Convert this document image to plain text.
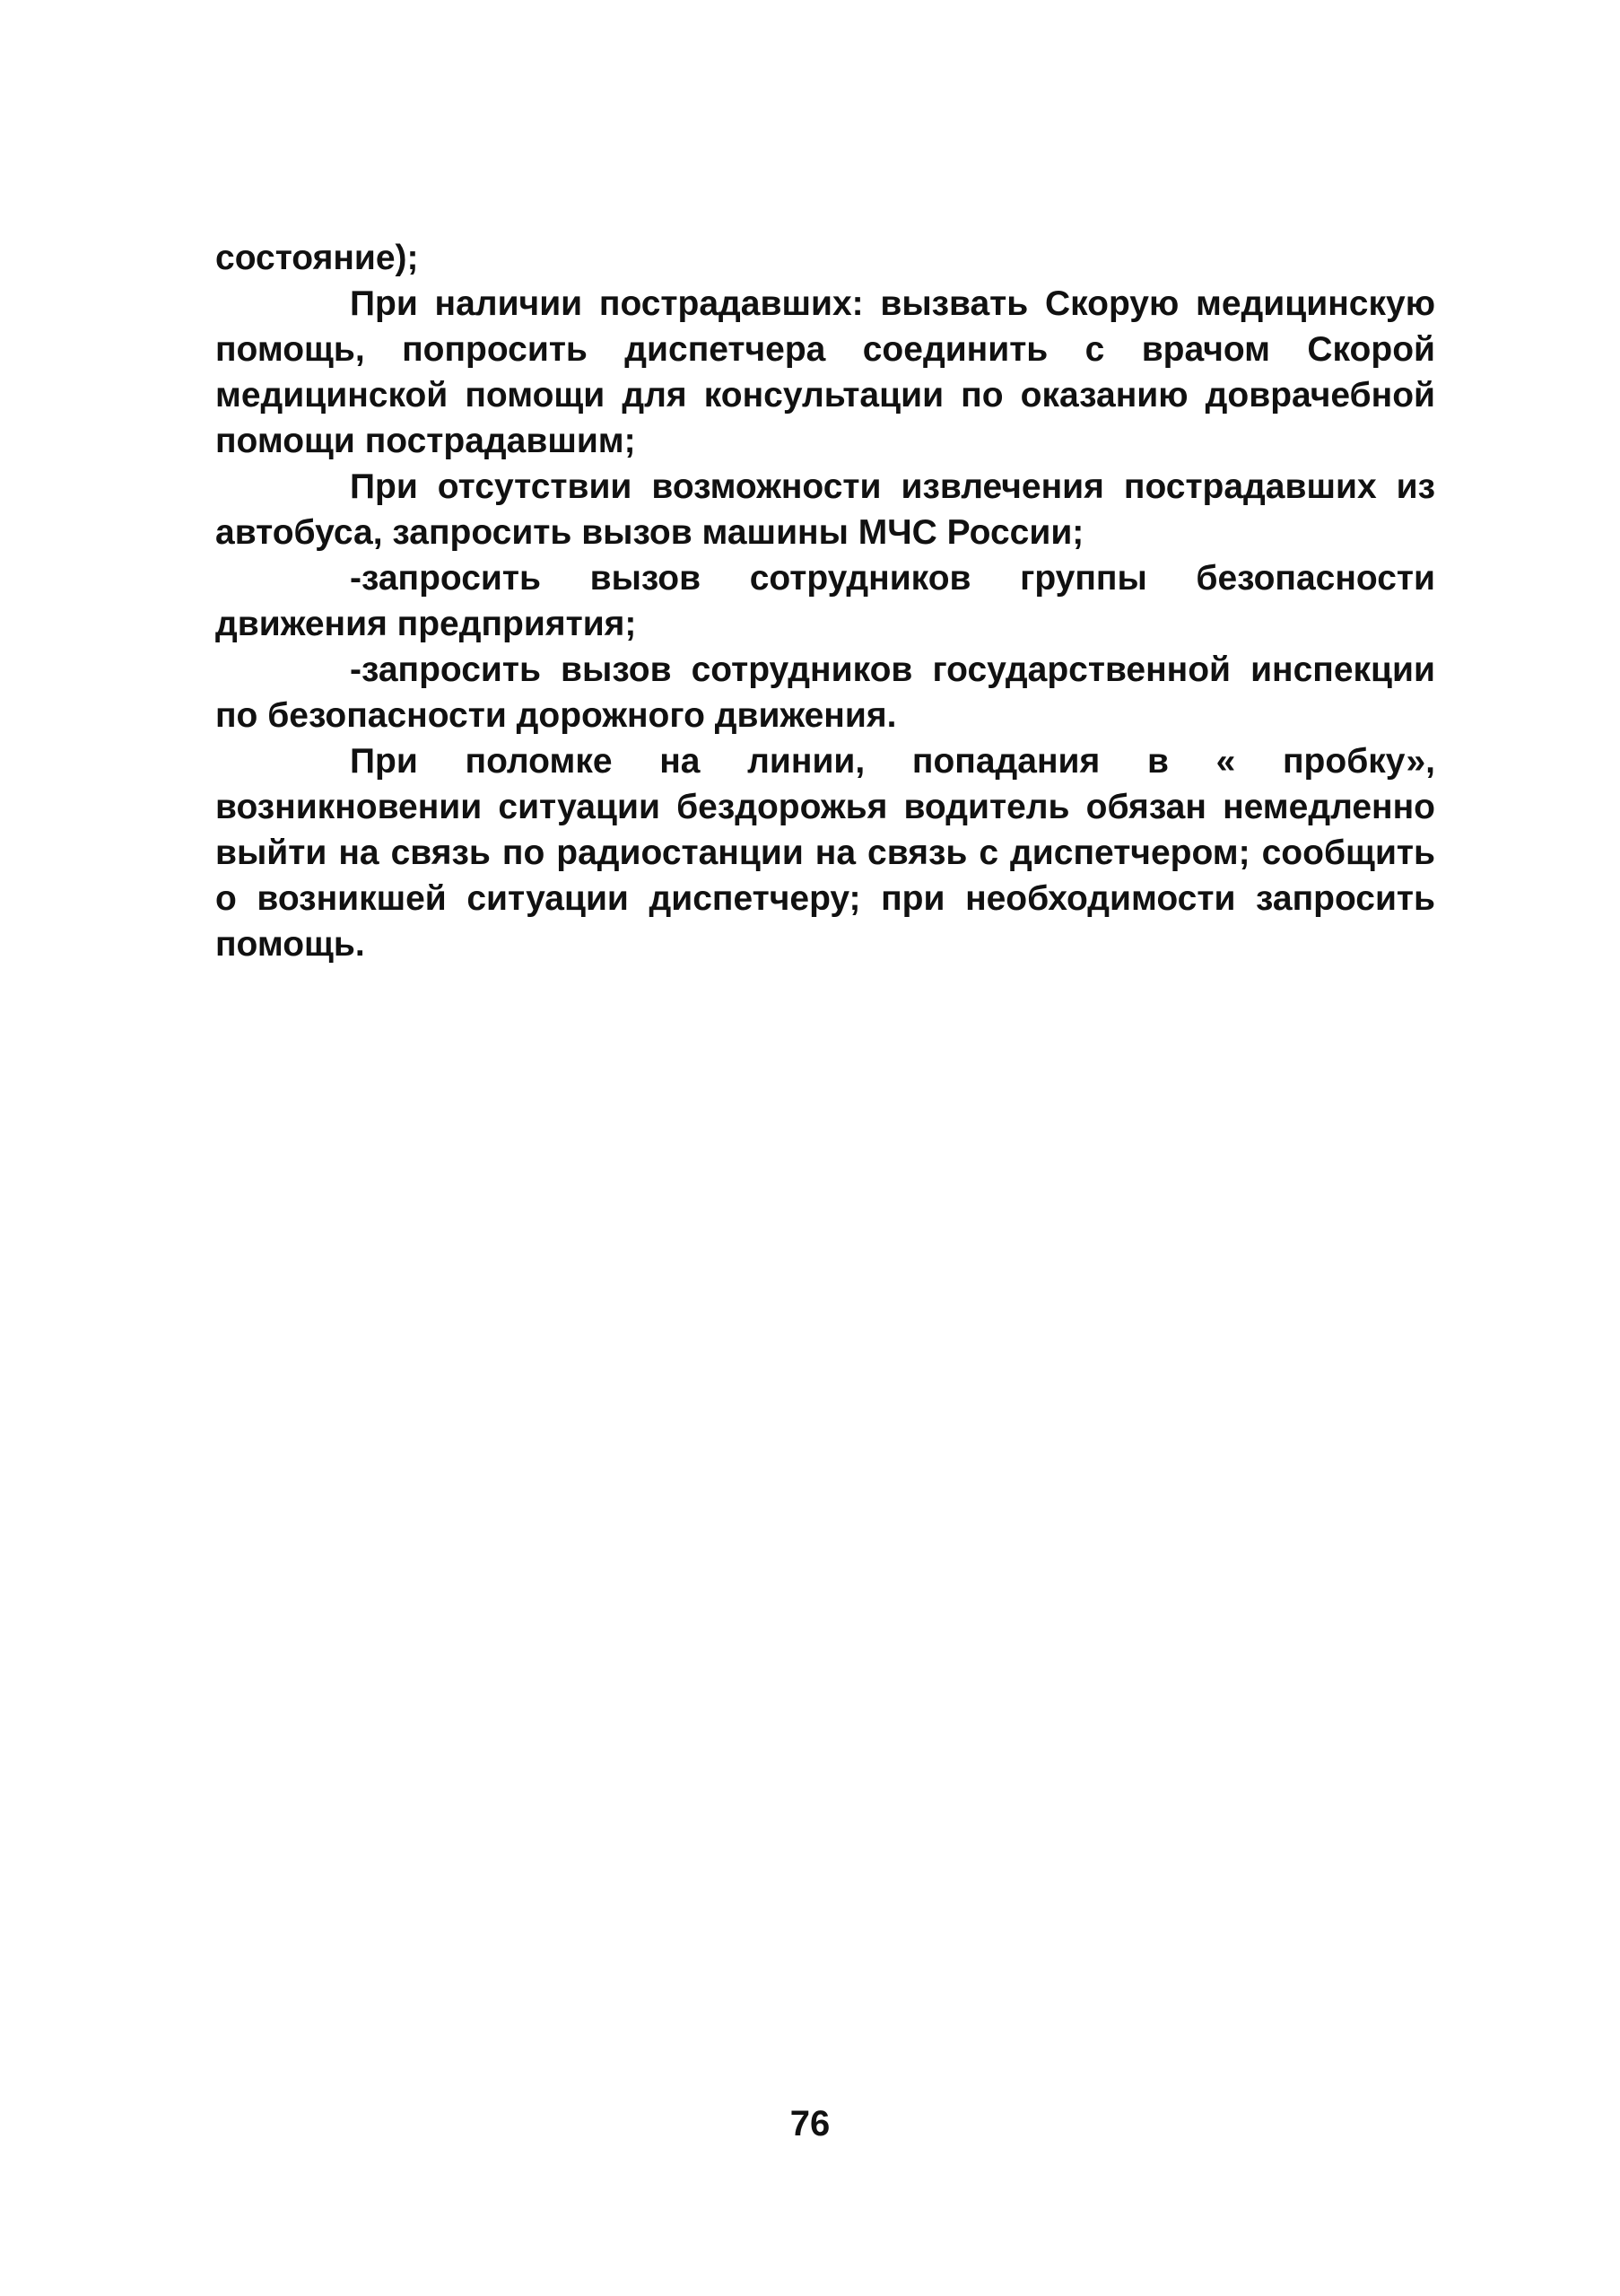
состояние);

При наличии пострадавших: вызвать Скорую медицинскую помощь, попросить диспетчера соединить с врачом Скорой медицинской помощи для консультации по оказанию доврачебной помощи пострадавшим;

При отсутствии возможности извлечения пострадавших из автобуса, запросить вызов машины МЧС России;

-запросить вызов сотрудников группы безопасности движения предприятия;

-запросить вызов сотрудников государственной инспекции по безопасности дорожного движения.

При поломке на линии, попадания в « пробку», возникновении ситуации бездорожья водитель обязан немедленно выйти на связь по радиостанции на связь с диспетчером; сообщить о возникшей ситуации диспетчеру; при необходимости запросить помощь.

76
